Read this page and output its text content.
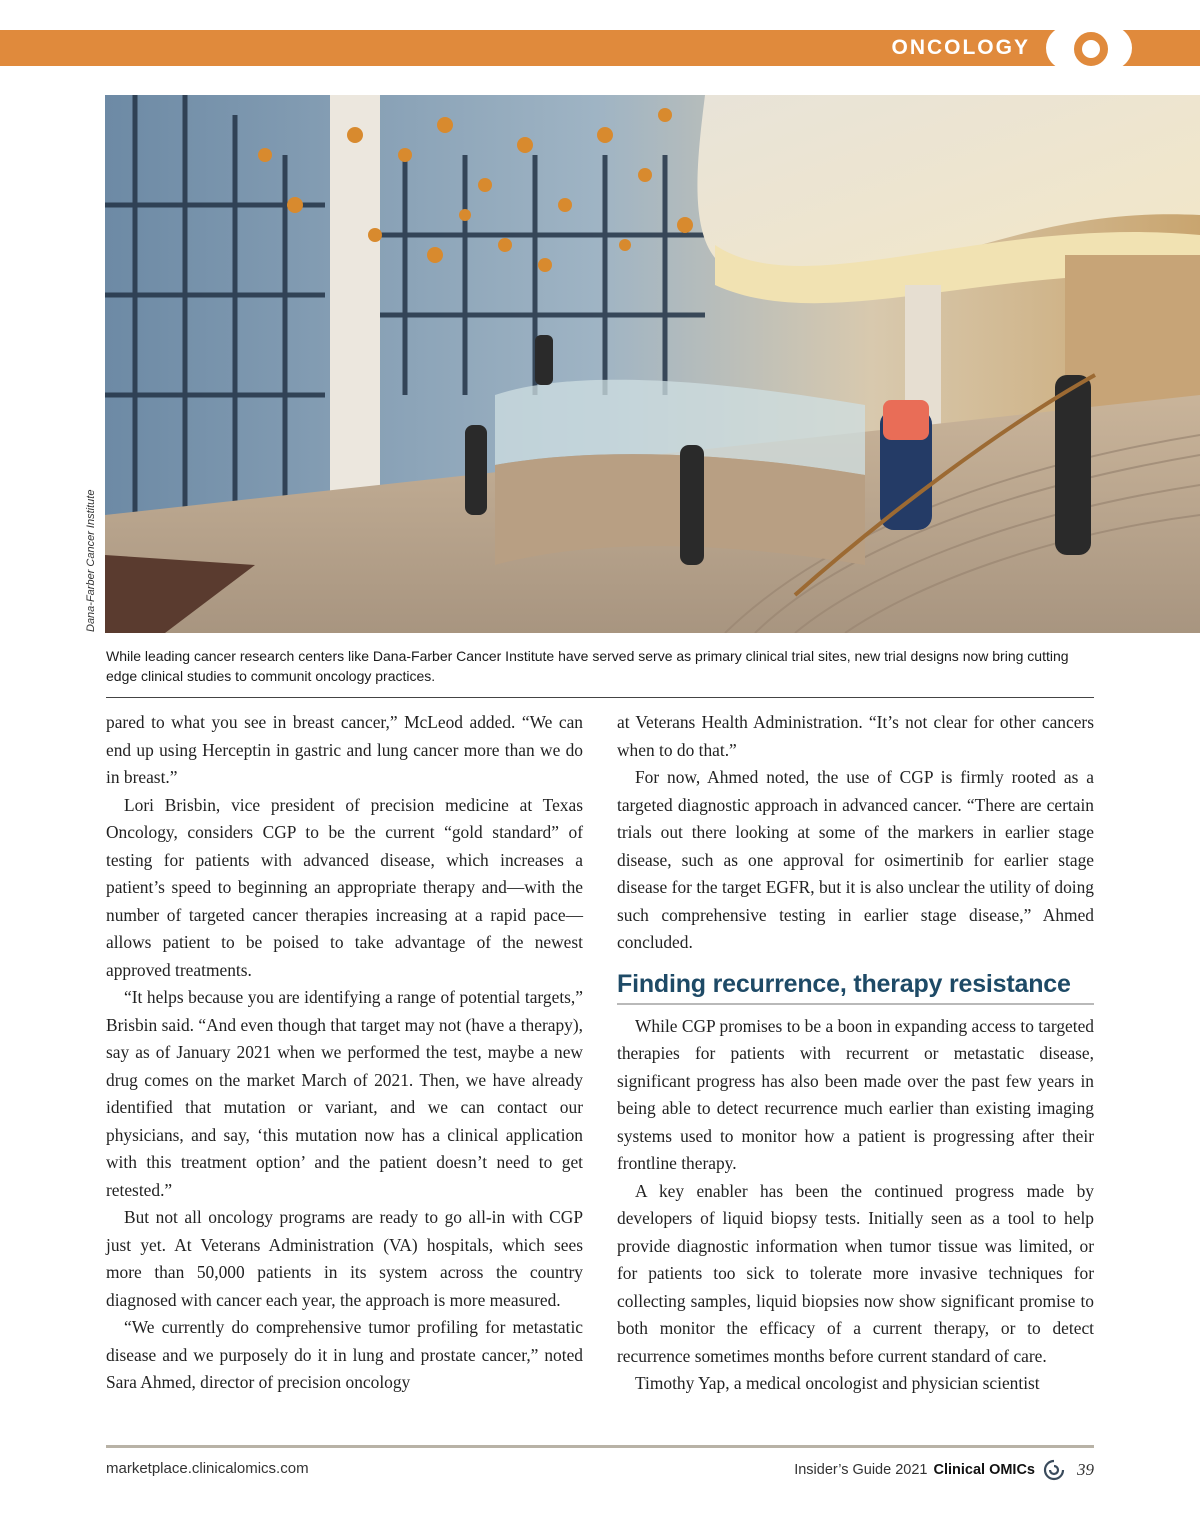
ONCOLOGY
Dana-Farber Cancer Institute
While leading cancer research centers like Dana-Farber Cancer Institute have served serve as primary clinical trial sites, new trial designs now bring cutting edge clinical studies to communit oncology practices.

pared to what you see in breast cancer,” McLeod added. “We can end up using Herceptin in gastric and lung cancer more than we do in breast.”

Lori Brisbin, vice president of precision medicine at Texas Oncology, considers CGP to be the current “gold standard” of testing for patients with advanced disease, which increases a patient’s speed to beginning an appropriate therapy and—with the number of targeted cancer therapies increasing at a rapid pace—allows patient to be poised to take advantage of the newest approved treatments.

“It helps because you are identifying a range of potential targets,” Brisbin said. “And even though that target may not (have a therapy), say as of January 2021 when we performed the test, maybe a new drug comes on the market March of 2021. Then, we have already identified that mutation or variant, and we can contact our physicians, and say, ‘this mutation now has a clinical application with this treatment option’ and the patient doesn’t need to get retested.”

But not all oncology programs are ready to go all-in with CGP just yet. At Veterans Administration (VA) hospitals, which sees more than 50,000 patients in its system across the country diagnosed with cancer each year, the approach is more measured.

“We currently do comprehensive tumor profiling for metastatic disease and we purposely do it in lung and prostate cancer,” noted Sara Ahmed, director of precision oncology

at Veterans Health Administration. “It’s not clear for other cancers when to do that.”

For now, Ahmed noted, the use of CGP is firmly rooted as a targeted diagnostic approach in advanced cancer. “There are certain trials out there looking at some of the markers in earlier stage disease, such as one approval for osimertinib for earlier stage disease for the target EGFR, but it is also unclear the utility of doing such comprehensive testing in earlier stage disease,” Ahmed concluded.

Finding recurrence, therapy resistance

While CGP promises to be a boon in expanding access to targeted therapies for patients with recurrent or metastatic disease, significant progress has also been made over the past few years in being able to detect recurrence much earlier than existing imaging systems used to monitor how a patient is progressing after their frontline therapy.

A key enabler has been the continued progress made by developers of liquid biopsy tests. Initially seen as a tool to help provide diagnostic information when tumor tissue was limited, or for patients too sick to tolerate more invasive techniques for collecting samples, liquid biopsies now show significant promise to both monitor the efficacy of a current therapy, or to detect recurrence sometimes months before current standard of care.

Timothy Yap, a medical oncologist and physician scientist

marketplace.clinicalomics.com	Insider’s Guide 2021 Clinical OMICs 39
